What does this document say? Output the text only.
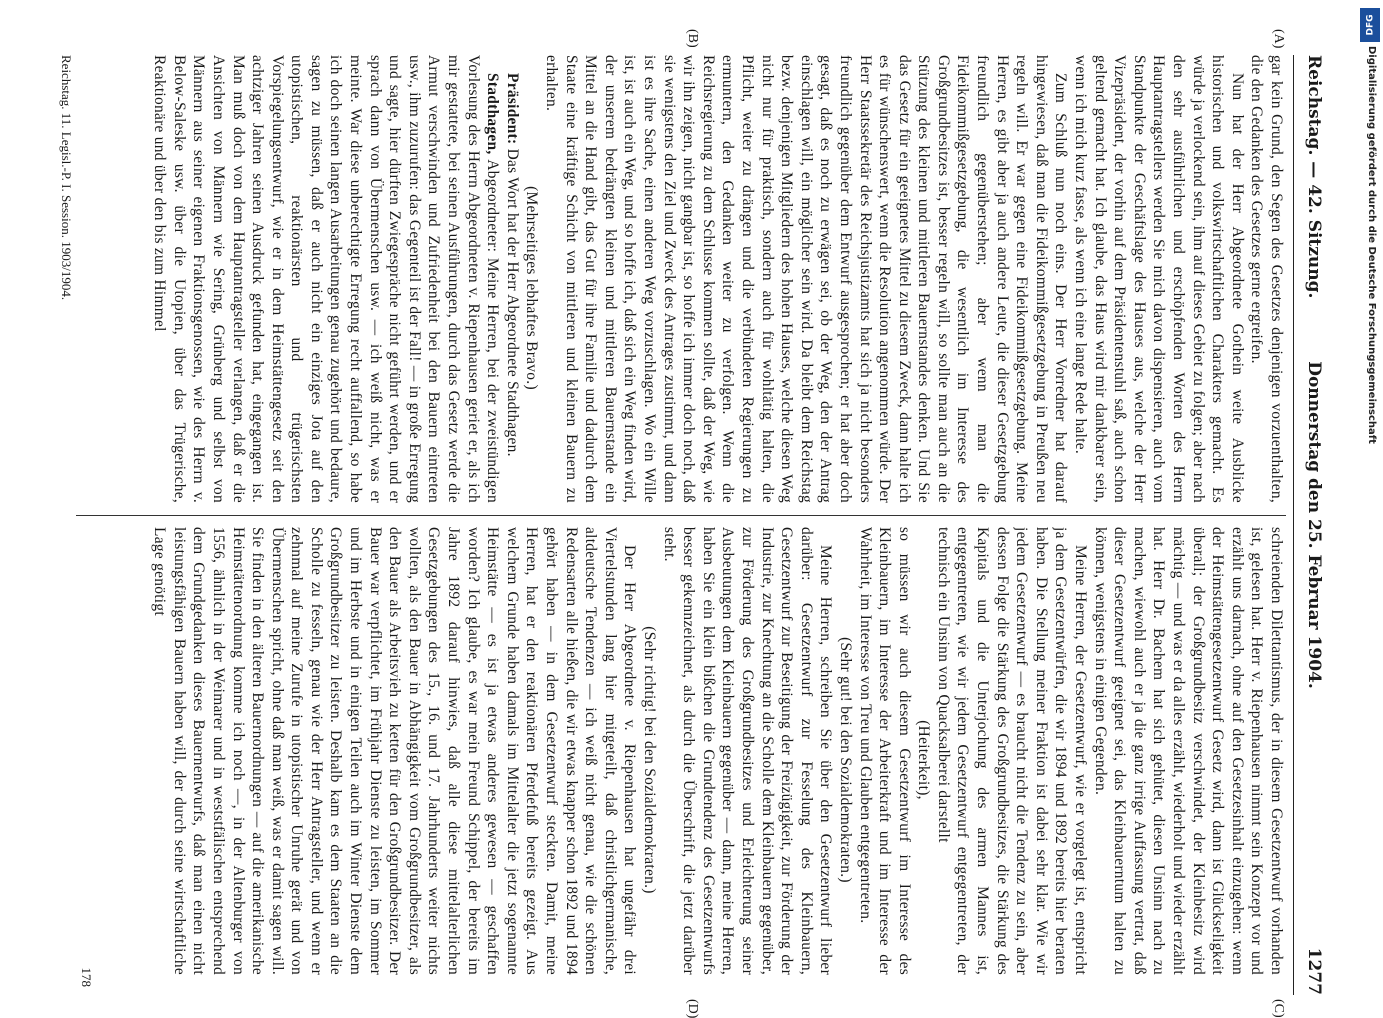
Reichstag. — 42. Sitzung.
Donnerstag den 25. Februar 1904.
1277
(A)
(B)
(C)
(D)

gar kein Grund, den Segen des Gesetzes denjenigen vorzuenthalten, die den Gedanken des Gesetzes gerne ergreifen.

Nun hat der Herr Abgeordnete Gothein weite Ausblicke historischen und volkswirtschaftlichen Charakters gemacht. Es würde ja verlockend sein, ihm auf dieses Gebiet zu folgen; aber nach den sehr ausführlichen und erschöpfenden Worten des Herrn Hauptantragstellers werden Sie mich davon dispensieren, auch vom Standpunkte der Geschäftslage des Hauses aus, welche der Herr Vizepräsident, der vorhin auf dem Präsidentenstuhl saß, auch schon geltend gemacht hat. Ich glaube, das Haus wird mir dankbarer sein, wenn ich mich kurz fasse, als wenn ich eine lange Rede halte.

Zum Schluß nun noch eins. Der Herr Vorredner hat darauf hingewiesen, daß man die Fideikommißgesetzgebung in Preußen neu regeln will. Er war gegen eine Fideikommißgesetzgebung. Meine Herren, es gibt aber ja auch andere Leute, die dieser Gesetzgebung freundlich gegenüberstehen; aber wenn man die Fideikommißgesetzgebung, die wesentlich im Interesse des Großgrundbesitzes ist, besser regeln will, so sollte man auch an die Stützung des kleinen und mittleren Bauernstandes denken. Und Sie das Gesetz für ein geeignetes Mittel zu diesem Zweck, dann halte ich es für wünschenswert, wenn die Resolution angenommen würde. Der Herr Staatssekretär des Reichsjustizamts hat sich ja nicht besonders freundlich gegenüber dem Entwurf ausgesprochen; er hat aber doch gesagt, daß es noch zu erwägen sei, ob der Weg, den der Antrag einschlagen will, ein möglicher sein wird. Da bleibt dem Reichstag bezw. denjenigen Mitgliedern des hohen Hauses, welche diesen Weg nicht nur für praktisch, sondern auch für wohltätig halten, die Pflicht, weiter zu drängen und die verbündeten Regierungen zu ermuntern, den Gedanken weiter zu verfolgen. Wenn die Reichsregierung zu dem Schlusse kommen sollte, daß der Weg, wie wir ihn zeigen, nicht gangbar ist, so hoffe ich immer doch noch, daß sie wenigstens den Ziel und Zweck des Antrages zustimmt, und dann ist es ihre Sache, einen anderen Weg vorzuschlagen. Wo ein Wille ist, ist auch ein Weg, und so hoffe ich, daß sich ein Weg finden wird, der unserem bedrängten kleinen und mittleren Bauernstande ein Mittel an die Hand gibt, das Gut für ihre Familie und dadurch dem Staate eine kräftige Schicht von mittleren und kleinen Bauern zu erhalten.

(Mehrseitiges lebhaftes Bravo.)

Präsident: Das Wort hat der Herr Abgeordnete Stadthagen.

Stadthagen, Abgeordneter: Meine Herren, bei der zweistündigen Vorlesung des Herrn Abgeordneten v. Riepenhausen geriet er, als ich mir gestattete, bei seinen Ausführungen, durch das Gesetz werde die Armut verschwinden und Zufriedenheit bei den Bauern eintreten usw., ihm zuzurufen: das Gegenteil ist der Fall! — in große Erregung und sagte, hier dürften Zwiegespräche nicht geführt werden, und er sprach dann von Übermenschen usw. — ich weiß nicht, was er meinte. War diese unberechtigte Erregung recht auffallend, so habe ich doch seinen langen Ausarbeitungen genau zugehört und bedaure, sagen zu müssen, daß er auch nicht ein einziges Jota auf den utopistischen, reaktionärsten und trügerischsten Vorspiegelungsentwurf, wie er in dem Heimstättengesetz seit den achtziger Jahren seinen Ausdruck gefunden hat, eingegangen ist. Man muß doch von dem Hauptantragsteller verlangen, daß er die Ansichten von Männern wie Sering, Grünberg und selbst von Männern aus seiner eigenen Fraktionsgenossen, wie des Herrn v. Below-Saleske usw. über die Utopien, über das Trügerische, Reaktionäre und über den bis zum Himmel

schreienden Dilettantismus, der in diesem Gesetzentwurf vorhanden ist, gelesen hat. Herr v. Riepenhausen nimmt sein Konzept vor und erzählt uns darnach, ohne auf den Gesetzesinhalt einzugehen: wenn der Heimstättengesetzentwurf Gesetz wird, dann ist Glückseligkeit überall; der Großgrundbesitz verschwindet, der Kleinbesitz wird mächtig — und was er da alles erzählt, wiederholt und wieder erzählt hat. Herr Dr. Bachem hat sich gehütet, diesen Unsinn nach zu machen, wiewohl auch er ja die ganz irrige Auffassung vertrat, daß dieser Gesetzentwurf geeignet sei, das Kleinbauerntum halten zu können, wenigstens in einigen Gegenden.

Meine Herren, der Gesetzentwurf, wie er vorgelegt ist, entspricht ja dem Gesetzentwürfen, die wir 1894 und 1892 bereits hier beraten haben. Die Stellung meiner Fraktion ist dabei sehr klar. Wie wir jedem Gesetzentwurf — es braucht nicht die Tendenz zu sein, aber dessen Folge die Stärkung des Großgrundbesitzes, die Stärkung des Kapitals und die Unterjochung des armen Mannes ist, entgegentreten, wie wir jedem Gesetzentwurf entgegentreten, der technisch ein Unsinn von Quacksalberei darstellt

(Heiterkeit),

so müssen wir auch diesem Gesetzentwurf im Interesse des Kleinbauern, im Interesse der Arbeiterkraft und im Interesse der Wahrheit, im Interesse von Treu und Glauben entgegentreten.

(Sehr gut! bei den Sozialdemokraten.)

Meine Herren, schreiben Sie über den Gesetzentwurf lieber darüber: Gesetzentwurf zur Fesselung des Kleinbauern, Gesetzentwurf zur Beseitigung der Freizügigkeit, zur Förderung der Industrie, zur Knechtung an die Scholle dem Kleinbauern gegenüber, zur Förderung des Großgrundbesitzes und Erleichterung seiner Ausbeutungen dem Kleinbauern gegenüber — dann, meine Herren, haben Sie ein klein bißchen die Grundtendenz des Gesetzentwurfs besser gekennzeichnet, als durch die Überschrift, die jetzt darüber steht.

(Sehr richtig! bei den Sozialdemokraten.)

Der Herr Abgeordnete v. Riepenhausen hat ungefähr drei Viertelstunden lang hier mitgeteilt, daß christlichgermanische, altdeutsche Tendenzen — ich weiß nicht genau, wie die schönen Redensarten alle hießen, die wir etwas knapper schon 1892 und 1894 gehört haben — in dem Gesetzentwurf steckten. Damit, meine Herren, hat er den reaktionären Pferdefuß bereits gezeigt. Aus welchem Grunde haben damals im Mittelalter die jetzt sogenannte Heimstätte — es ist ja etwas anderes gewesen — geschaffen worden? Ich glaube, es war mein Freund Schippel, der bereits im Jahre 1892 darauf hinwies, daß alle diese mittelalterlichen Gesetzgebungen des 15., 16. und 17. Jahrhunderts weiter nichts wollten, als den Bauer in Abhängigkeit vom Großgrundbesitzer, als den Bauer als Arbeitsvieh zu ketten für den Großgrundbesitzer. Der Bauer war verpflichtet, im Frühjahr Dienste zu leisten, im Sommer und im Herbste und in einigen Teilen auch im Winter Dienste dem Großgrundbesitzer zu leisten. Deshalb kam es dem Staaten an die Scholle zu fesseln, genau wie der Herr Antragsteller, und wenn er zehnmal auf meine Zurufe in utopistischer Unruhe gerät und von Übermenschen spricht, ohne daß man weiß, was er damit sagen will. Sie finden in den älteren Bauernordnungen — auf die amerikanische Heimstättenordnung komme ich noch —, in der Altenburger von 1556, ähnlich in der Weimarer und in weststfälischen entsprechend dem Grundgedanken dieses Bauernentwurfs, daß man einen nicht leistungsfähigen Bauern haben will, der durch seine wirtschaftliche Lage genötigt

Reichstag. 11. Legisl.-P. I. Session. 1903/1904.
178
DFG
Digitalisierung gefördert durch die Deutsche Forschungsgemeinschaft
